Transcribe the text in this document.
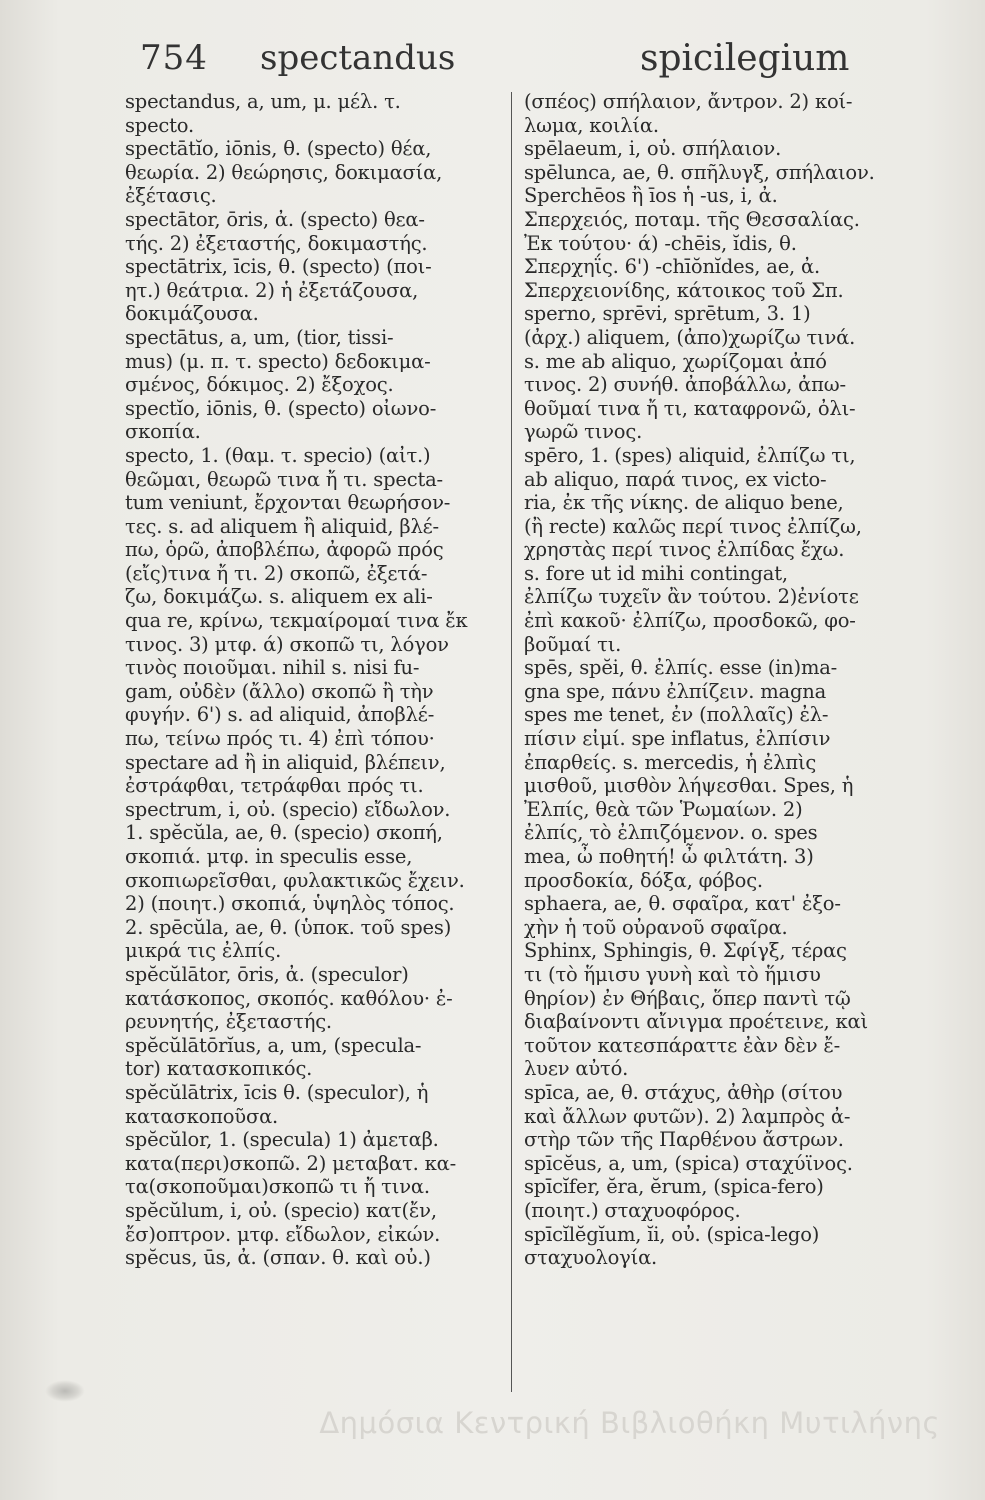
754 spectandus	spicilegium
spectandus, a, um, μ. μέλ. τ.
specto.
spectātĭo, iōnis, θ. (specto) θέα,
θεωρία. 2) θεώρησις, δοκιμασία,
ἐξέτασις.
spectātor, ōris, ἀ. (specto) θεα-
τής. 2) ἐξεταστής, δοκιμαστής.
spectātrix, īcis, θ. (specto) (ποι-
ητ.) θεάτρια. 2) ἡ ἐξετάζουσα,
δοκιμάζουσα.
spectātus, a, um, (tior, tissi-
mus) (μ. π. τ. specto) δεδοκιμα-
σμένος, δόκιμος. 2) ἔξοχος.
spectĭo, iōnis, θ. (specto) οἰωνο-
σκοπία.
specto, 1. (θαμ. τ. specio) (αἰτ.)
θεῶμαι, θεωρῶ τινα ἤ τι. specta-
tum veniunt, ἔρχονται θεωρήσον-
τες. s. ad aliquem ἢ aliquid, βλέ-
πω, ὁρῶ, ἀποβλέπω, ἀφορῶ πρός
(εἴς)τινα ἤ τι. 2) σκοπῶ, ἐξετά-
ζω, δοκιμάζω. s. aliquem ex ali-
qua re, κρίνω, τεκμαίρομαί τινα ἔκ
τινος. 3) μτφ. ά) σκοπῶ τι, λόγον
τινὸς ποιοῦμαι. nihil s. nisi fu-
gam, οὐδὲν (ἄλλο) σκοπῶ ἢ τὴν
φυγήν. 6') s. ad aliquid, ἀποβλέ-
πω, τείνω πρός τι. 4) ἐπὶ τόπου·
spectare ad ἢ in aliquid, βλέπειν,
ἐστράφθαι, τετράφθαι πρός τι.
spectrum, i, οὐ. (specio) εἴδωλον.
1. spĕcŭla, ae, θ. (specio) σκοπή,
σκοπιά. μτφ. in speculis esse,
σκοπιωρεῖσθαι, φυλακτικῶς ἔχειν.
2) (ποιητ.) σκοπιά, ὑψηλὸς τόπος.
2. spēcŭla, ae, θ. (ὑποκ. τοῦ spes)
μικρά τις ἐλπίς.
spĕcŭlātor, ōris, ἀ. (speculor)
κατάσκοπος, σκοπός. καθόλου· ἐ-
ρευνητής, ἐξεταστής.
spĕcŭlātōrĭus, a, um, (specula-
tor) κατασκοπικός.
spĕcŭlātrix, īcis θ. (speculor), ἡ
κατασκοποῦσα.
spĕcŭlor, 1. (specula) 1) ἀμεταβ.
κατα(περι)σκοπῶ. 2) μεταβατ. κα-
τα(σκοποῦμαι)σκοπῶ τι ἤ τινα.
spĕcŭlum, i, οὐ. (specio) κατ(ἔν,
ἔσ)οπτρον. μτφ. εἴδωλον, εἰκών.
spĕcus, ūs, ἀ. (σπαν. θ. καὶ οὐ.)
(σπέος) σπήλαιον, ἄντρον. 2) κοί-
λωμα, κοιλία.
spēlaeum, i, οὐ. σπήλαιον.
spēlunca, ae, θ. σπῆλυγξ, σπήλαιον.
Sperchēos ἢ īos ἡ -us, i, ἀ.
Σπερχειός, ποταμ. τῆς Θεσσαλίας.
Ἐκ τούτου· ά) -chēis, ĭdis, θ.
Σπερχηΐς. 6') -chīŏnĭdes, ae, ἀ.
Σπερχειονίδης, κάτοικος τοῦ Σπ.
sperno, sprēvi, sprētum, 3. 1)
(ἀρχ.) aliquem, (ἀπο)χωρίζω τινά.
s. me ab aliquo, χωρίζομαι ἀπό
τινος. 2) συνήθ. ἀποβάλλω, ἀπω-
θοῦμαί τινα ἤ τι, καταφρονῶ, ὀλι-
γωρῶ τινος.
spēro, 1. (spes) aliquid, ἐλπίζω τι,
ab aliquo, παρά τινος, ex victo-
ria, ἐκ τῆς νίκης. de aliquo bene,
(ἢ recte) καλῶς περί τινος ἐλπίζω,
χρηστὰς περί τινος ἐλπίδας ἔχω.
s. fore ut id mihi contingat,
ἐλπίζω τυχεῖν ἂν τούτου. 2)ἐνίοτε
ἐπὶ κακοῦ· ἐλπίζω, προσδοκῶ, φο-
βοῦμαί τι.
spēs, spĕi, θ. ἐλπίς. esse (in)ma-
gna spe, πάνυ ἐλπίζειν. magna
spes me tenet, ἐν (πολλαῖς) ἐλ-
πίσιν εἰμί. spe inflatus, ἐλπίσιν
ἐπαρθείς. s. mercedis, ἡ ἐλπὶς
μισθοῦ, μισθὸν λήψεσθαι. Spes, ἡ
Ἐλπίς, θεὰ τῶν Ῥωμαίων. 2)
ἐλπίς, τὸ ἐλπιζόμενον. o. spes
mea, ὦ ποθητή! ὦ φιλτάτη. 3)
προσδοκία, δόξα, φόβος.
sphaera, ae, θ. σφαῖρα, κατ' ἐξο-
χὴν ἡ τοῦ οὐρανοῦ σφαῖρα.
Sphinx, Sphingis, θ. Σφίγξ, τέρας
τι (τὸ ἥμισυ γυνὴ καὶ τὸ ἥμισυ
θηρίον) ἐν Θήβαις, ὅπερ παντὶ τῷ
διαβαίνοντι αἴνιγμα προέτεινε, καὶ
τοῦτον κατεσπάραττε ἐὰν δὲν ἔ-
λυεν αὐτό.
spīca, ae, θ. στάχυς, ἀθὴρ (σίτου
καὶ ἄλλων φυτῶν). 2) λαμπρὸς ἀ-
στὴρ τῶν τῆς Παρθένου ἄστρων.
spīcĕus, a, um, (spica) σταχύϊνος.
spīcĭfer, ĕra, ĕrum, (spica-fero)
(ποιητ.) σταχυοφόρος.
spīcĭlĕgĭum, ĭi, οὐ. (spica-lego)
σταχυολογία.
Δημόσια Κεντρική Βιβλιοθήκη Μυτιλήνης
